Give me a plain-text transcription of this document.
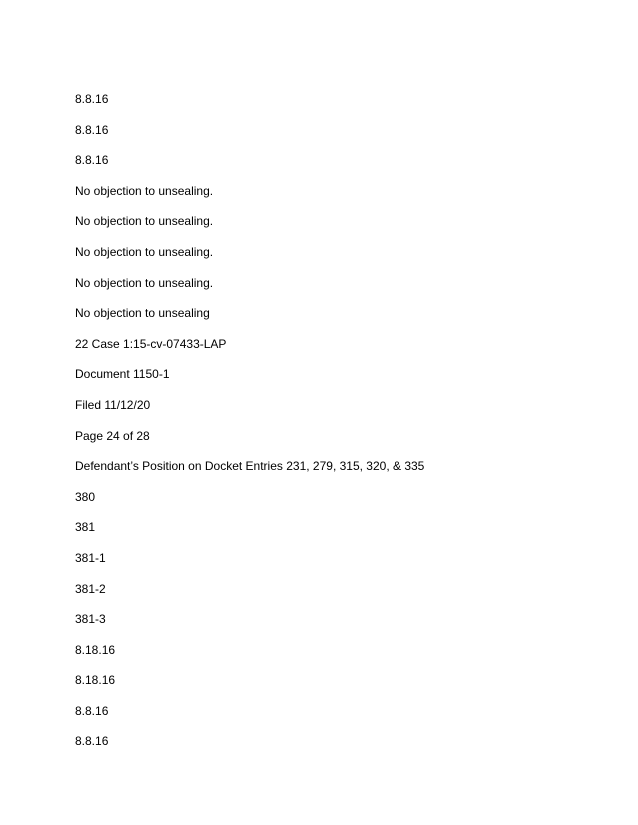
8.8.16
8.8.16
8.8.16
No objection to unsealing.
No objection to unsealing.
No objection to unsealing.
No objection to unsealing.
No objection to unsealing
22 Case 1:15-cv-07433-LAP
Document 1150-1
Filed 11/12/20
Page 24 of 28
Defendant’s Position on Docket Entries 231, 279, 315, 320, & 335
380
381
381-1
381-2
381-3
8.18.16
8.18.16
8.8.16
8.8.16
